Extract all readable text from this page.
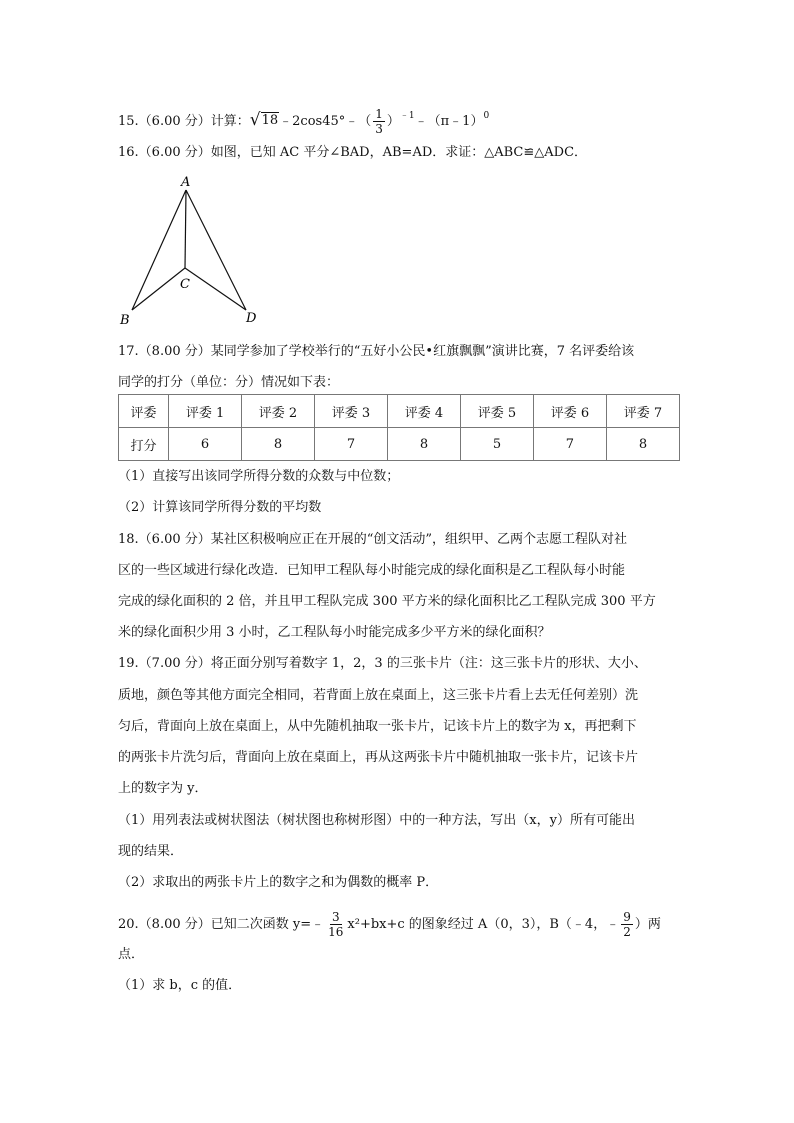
15.（6.00 分）计算： √ 18 ﹣2cos45°﹣（ $\frac{1}{3}$ ）$^{﹣1}$﹣（π﹣1）$^0$
16.（6.00 分）如图，已知 AC 平分∠BAD，AB=AD．求证：△ABC≌△ADC．
A
C
B	D
17.（8.00 分）某同学参加了学校举行的“五好小公民•红旗飘飘”演讲比赛，7 名评委给该
同学的打分（单位：分）情况如下表：
评委	评委 1	评委 2	评委 3	评委 4	评委 5	评委 6	评委 7
打分	6	8	7	8	5	7	8
（1）直接写出该同学所得分数的众数与中位数；
（2）计算该同学所得分数的平均数
18.（6.00 分）某社区积极响应正在开展的“创文活动”，组织甲、乙两个志愿工程队对社
区的一些区域进行绿化改造．已知甲工程队每小时能完成的绿化面积是乙工程队每小时能
完成的绿化面积的 2 倍，并且甲工程队完成 300 平方米的绿化面积比乙工程队完成 300 平方
米的绿化面积少用 3 小时，乙工程队每小时能完成多少平方米的绿化面积？
19.（7.00 分）将正面分别写着数字 1，2，3 的三张卡片（注：这三张卡片的形状、大小、
质地，颜色等其他方面完全相同，若背面上放在桌面上，这三张卡片看上去无任何差别）洗
匀后，背面向上放在桌面上，从中先随机抽取一张卡片，记该卡片上的数字为 x，再把剩下
的两张卡片洗匀后，背面向上放在桌面上，再从这两张卡片中随机抽取一张卡片，记该卡片
上的数字为 y．
（1）用列表法或树状图法（树状图也称树形图）中的一种方法，写出（x，y）所有可能出
现的结果．
（2）求取出的两张卡片上的数字之和为偶数的概率 P．
20.（8.00 分）已知二次函数 y=﹣ $\frac{3}{16} x^2+bx+c$ 的图象经过 A（0，3），B（﹣4，﹣ $\frac{9}{2}$ ）两
点．
（1）求 b，c 的值．
